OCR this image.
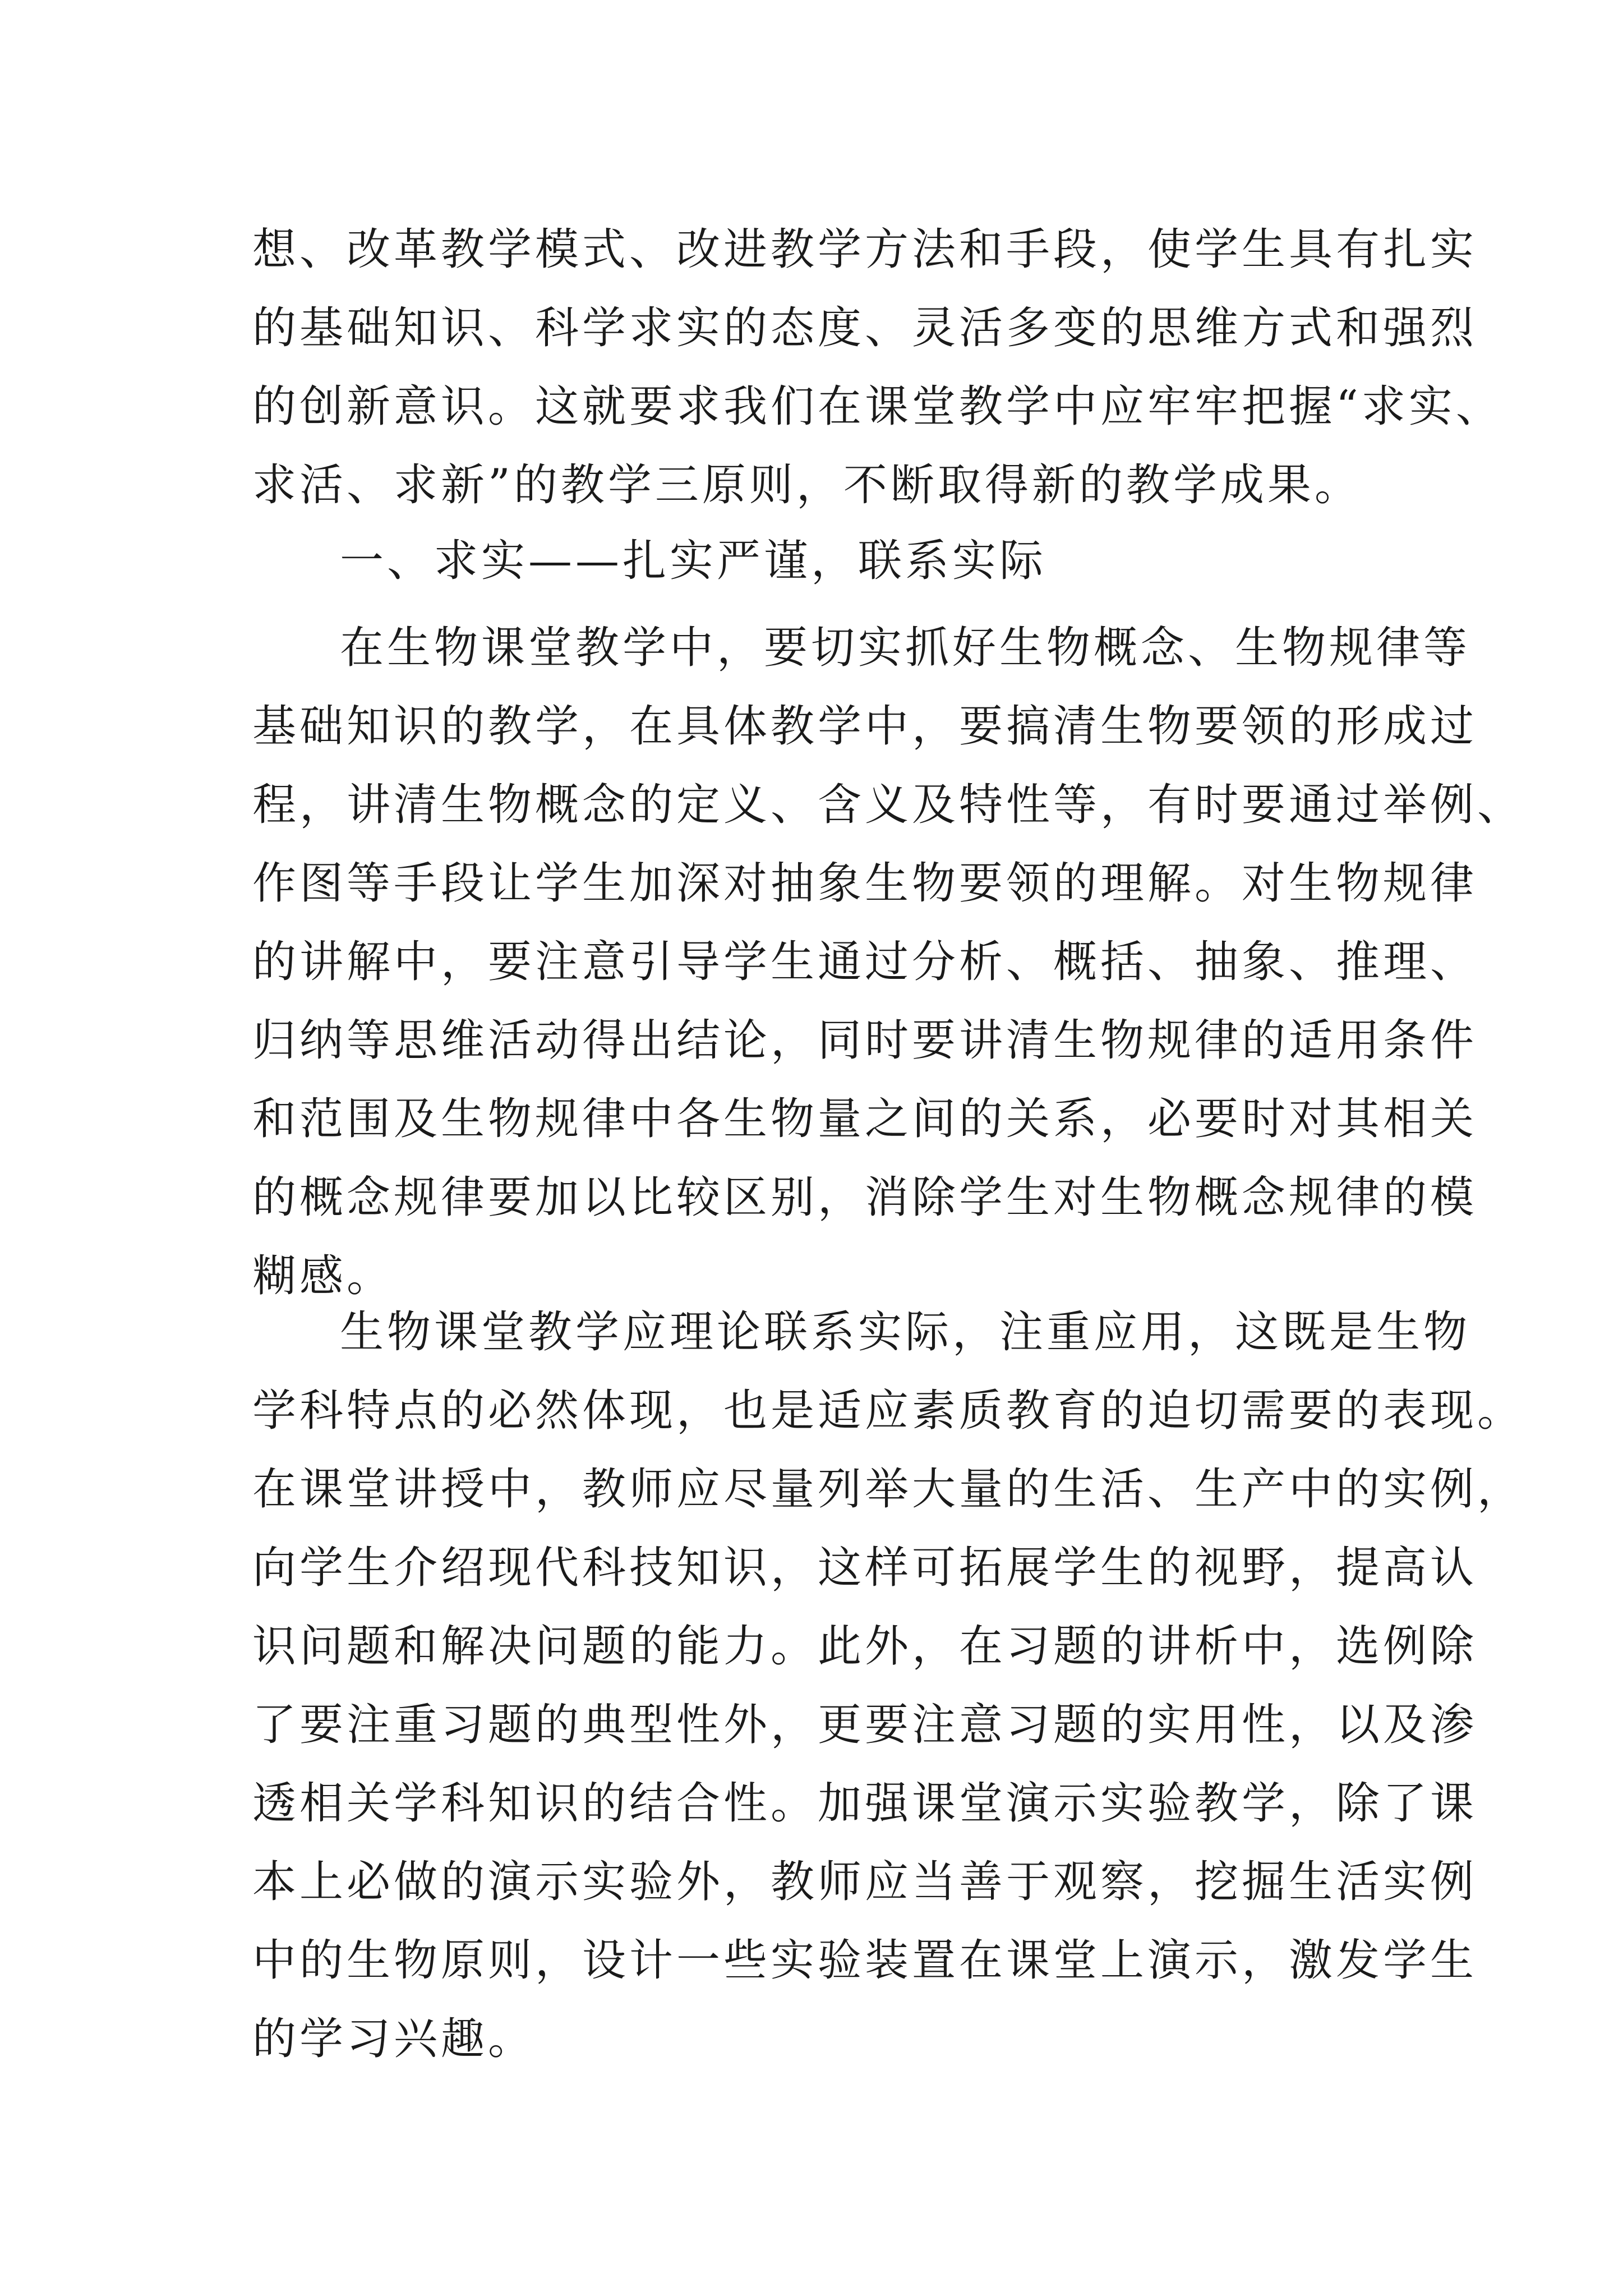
想、改革教学模式、改进教学方法和手段，使学生具有扎实
的基础知识、科学求实的态度、灵活多变的思维方式和强烈
的创新意识。这就要求我们在课堂教学中应牢牢把握“求实、
求活、求新”的教学三原则，不断取得新的教学成果。
一、求实——扎实严谨，联系实际
在生物课堂教学中，要切实抓好生物概念、生物规律等
基础知识的教学，在具体教学中，要搞清生物要领的形成过
程，讲清生物概念的定义、含义及特性等，有时要通过举例、
作图等手段让学生加深对抽象生物要领的理解。对生物规律
的讲解中，要注意引导学生通过分析、概括、抽象、推理、
归纳等思维活动得出结论，同时要讲清生物规律的适用条件
和范围及生物规律中各生物量之间的关系，必要时对其相关
的概念规律要加以比较区别，消除学生对生物概念规律的模
糊感。
生物课堂教学应理论联系实际，注重应用，这既是生物
学科特点的必然体现，也是适应素质教育的迫切需要的表现。
在课堂讲授中，教师应尽量列举大量的生活、生产中的实例，
向学生介绍现代科技知识，这样可拓展学生的视野，提高认
识问题和解决问题的能力。此外，在习题的讲析中，选例除
了要注重习题的典型性外，更要注意习题的实用性，以及渗
透相关学科知识的结合性。加强课堂演示实验教学，除了课
本上必做的演示实验外，教师应当善于观察，挖掘生活实例
中的生物原则，设计一些实验装置在课堂上演示，激发学生
的学习兴趣。
